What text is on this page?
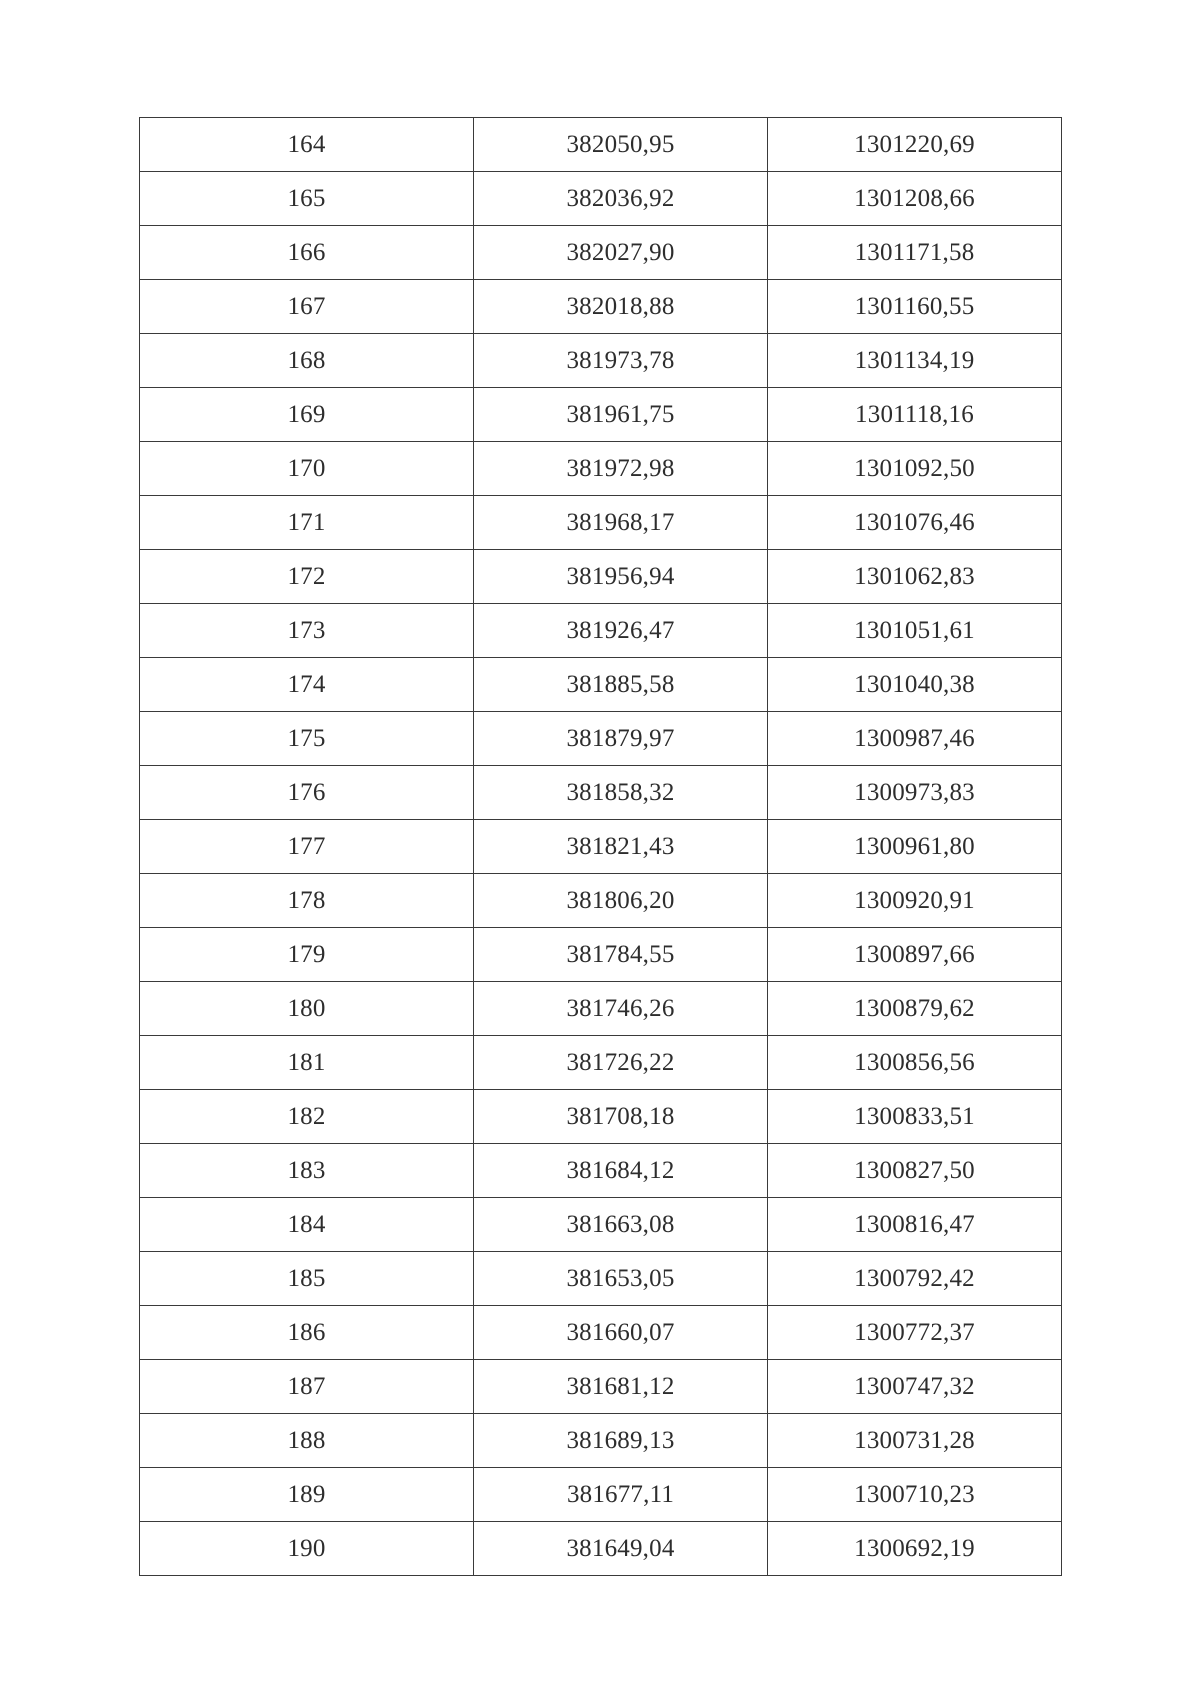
164	382050,95	1301220,69
165	382036,92	1301208,66
166	382027,90	1301171,58
167	382018,88	1301160,55
168	381973,78	1301134,19
169	381961,75	1301118,16
170	381972,98	1301092,50
171	381968,17	1301076,46
172	381956,94	1301062,83
173	381926,47	1301051,61
174	381885,58	1301040,38
175	381879,97	1300987,46
176	381858,32	1300973,83
177	381821,43	1300961,80
178	381806,20	1300920,91
179	381784,55	1300897,66
180	381746,26	1300879,62
181	381726,22	1300856,56
182	381708,18	1300833,51
183	381684,12	1300827,50
184	381663,08	1300816,47
185	381653,05	1300792,42
186	381660,07	1300772,37
187	381681,12	1300747,32
188	381689,13	1300731,28
189	381677,11	1300710,23
190	381649,04	1300692,19
